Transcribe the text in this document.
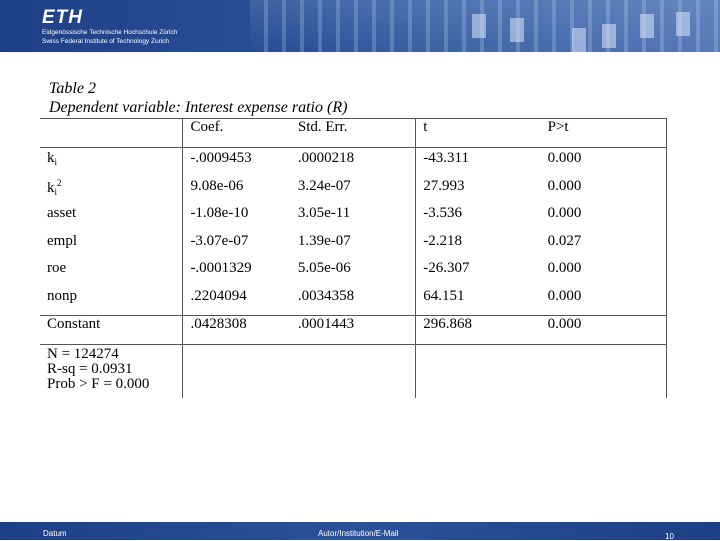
ETH
Eidgenössische Technische Hochschule Zürich
Swiss Federal Institute of Technology Zurich
Table 2
Dependent variable: Interest expense ratio (R)
	Coef.	Std. Err.	t	P>t
$k_i$	-.0009453	.0000218	-43.311	0.000
$k_i^2$	9.08e-06	3.24e-07	27.993	0.000
asset	-1.08e-10	3.05e-11	-3.536	0.000
empl	-3.07e-07	1.39e-07	-2.218	0.027
roe	-.0001329	5.05e-06	-26.307	0.000
nonp	.2204094	.0034358	64.151	0.000
Constant	.0428308	.0001443	296.868	0.000

N = 124274
R-sq = 0.0931
Prob > F = 0.000				

Datum	Autor/Institution/E-Mail	10
